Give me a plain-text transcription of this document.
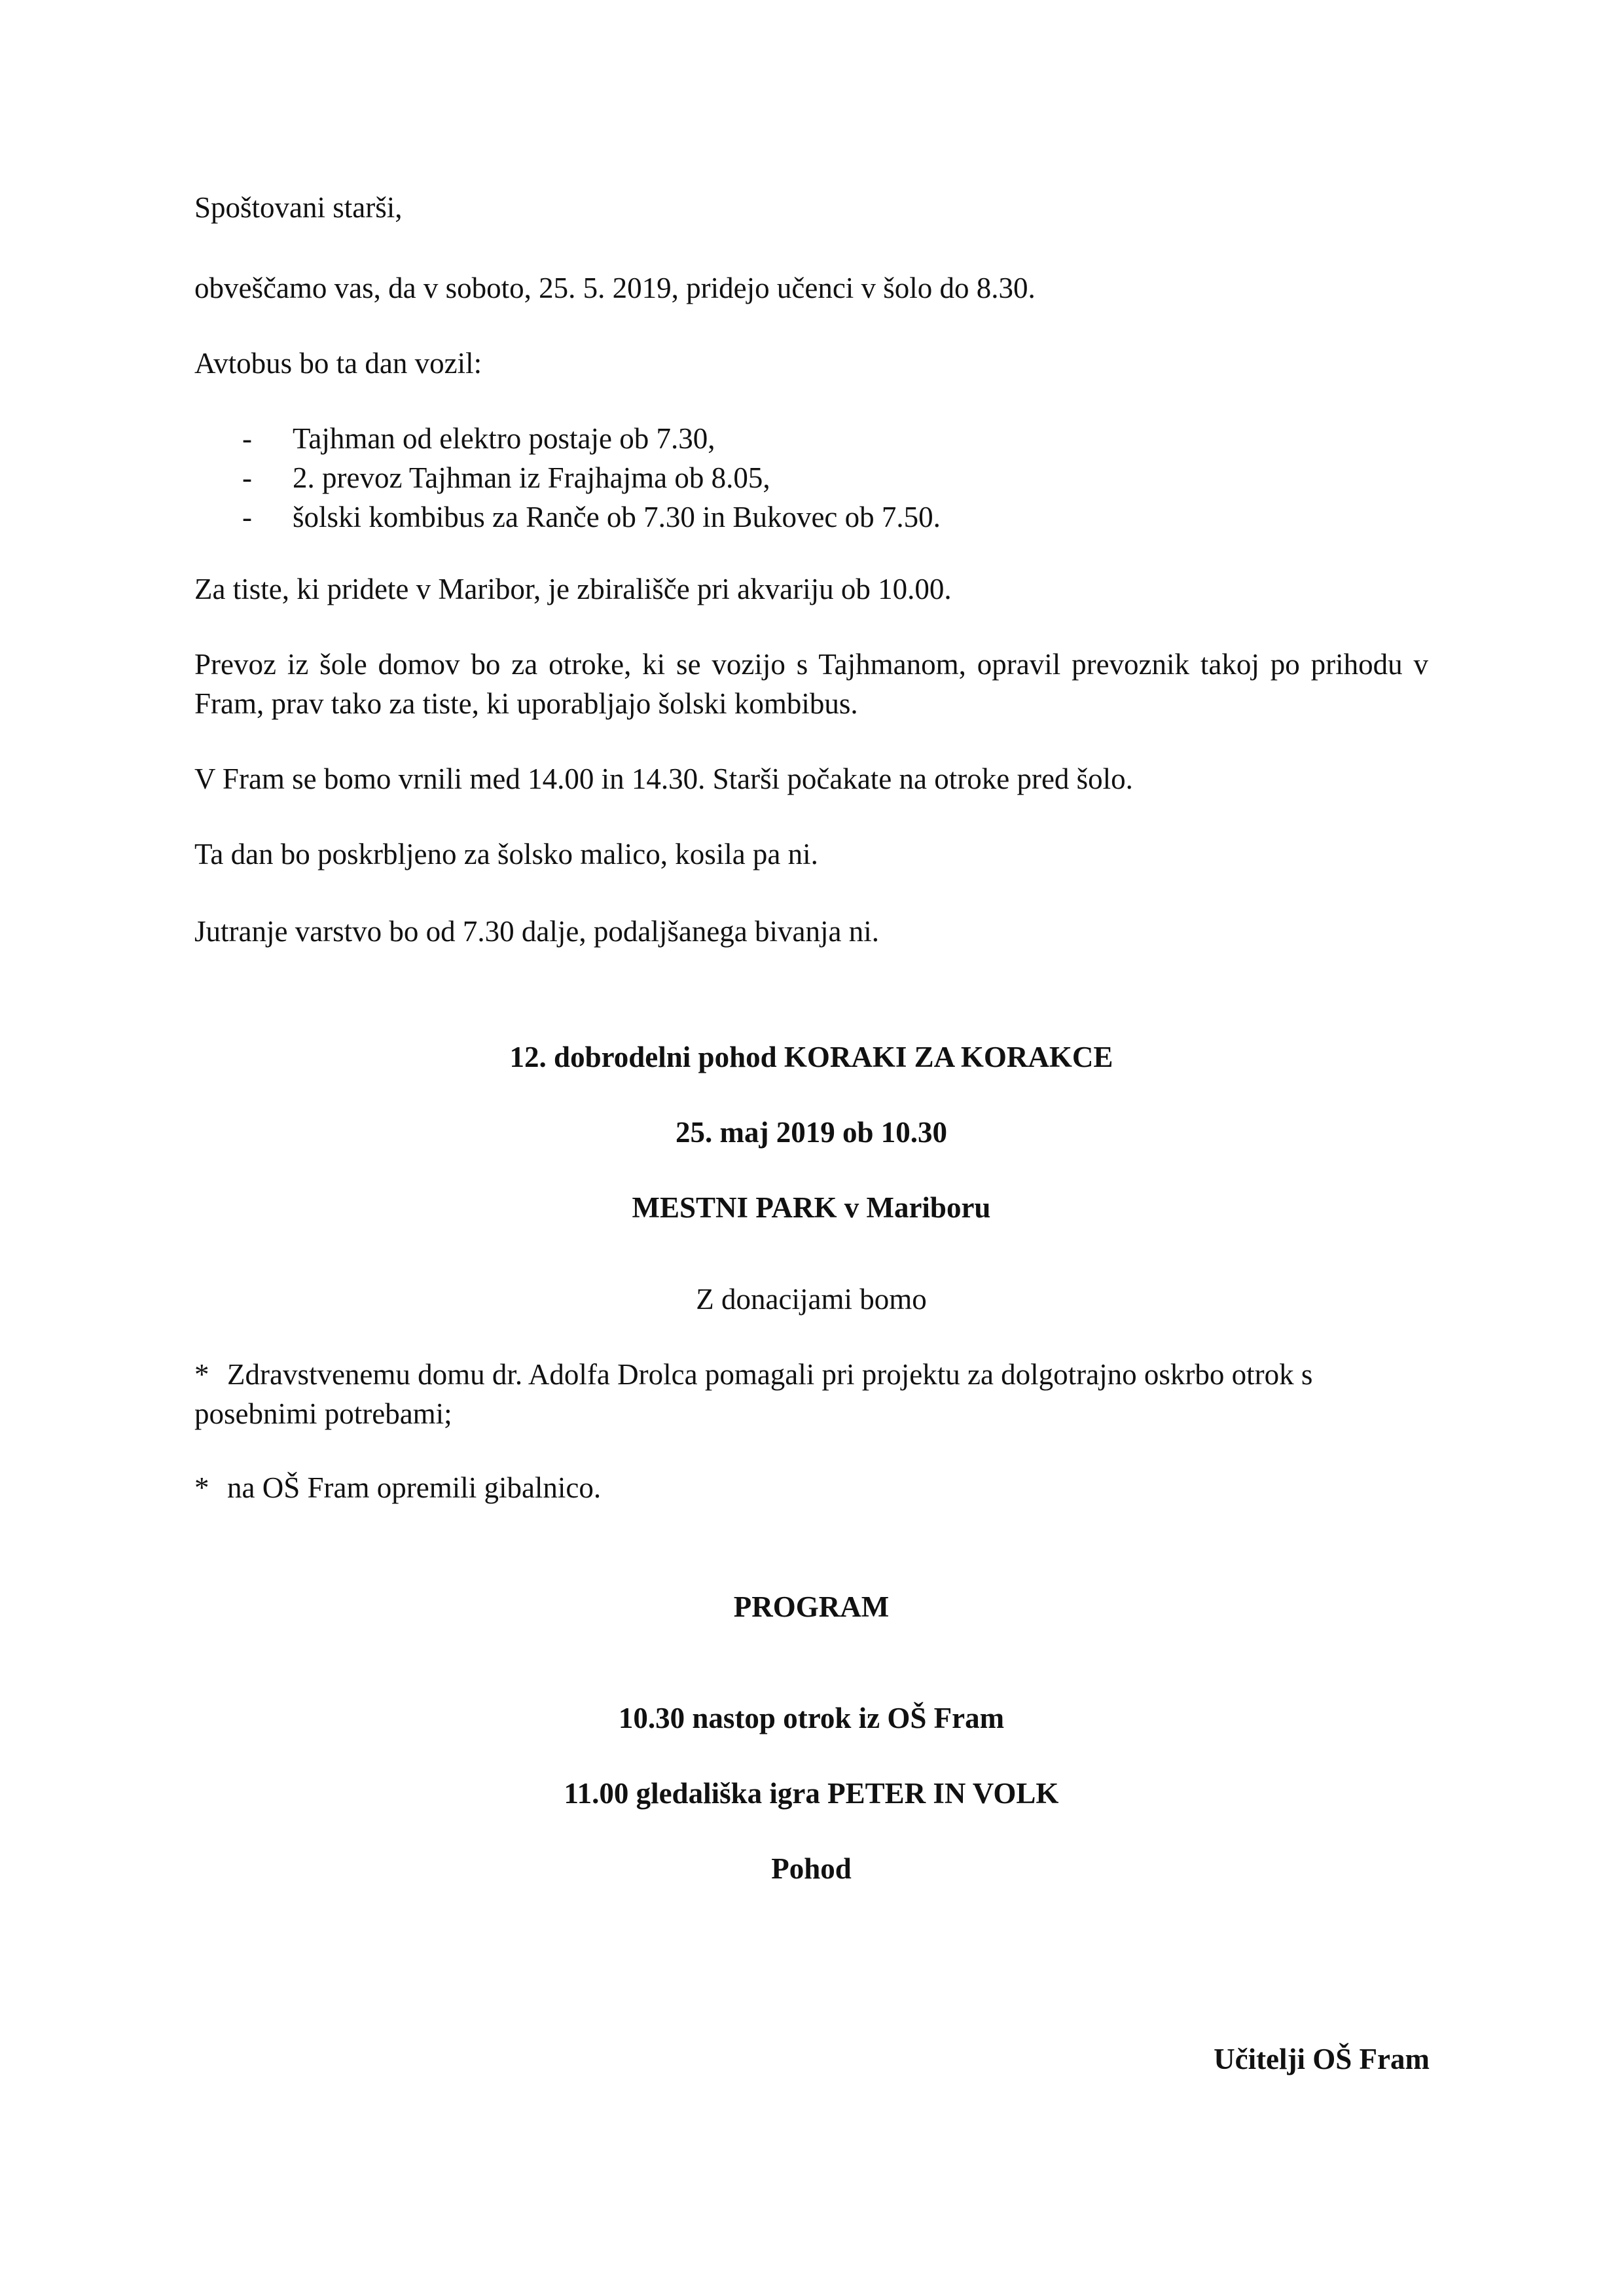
Spoštovani starši,

obveščamo vas, da v soboto, 25. 5. 2019, pridejo učenci v šolo do 8.30.

Avtobus bo ta dan vozil:

- Tajhman od elektro postaje ob 7.30,
- 2. prevoz Tajhman iz Frajhajma ob 8.05,
- šolski kombibus za Ranče ob 7.30 in Bukovec ob 7.50.

Za tiste, ki pridete v Maribor, je zbirališče pri akvariju ob 10.00.

Prevoz iz šole domov bo za otroke, ki se vozijo s Tajhmanom, opravil prevoznik takoj po prihodu v Fram, prav tako za tiste, ki uporabljajo šolski kombibus.

V Fram se bomo vrnili med 14.00 in 14.30. Starši počakate na otroke pred šolo.

Ta dan bo poskrbljeno za šolsko malico, kosila pa ni.

Jutranje varstvo bo od 7.30 dalje, podaljšanega bivanja ni.

12. dobrodelni pohod KORAKI ZA KORAKCE

25. maj 2019 ob 10.30

MESTNI PARK v Mariboru

Z donacijami bomo

* Zdravstvenemu domu dr. Adolfa Drolca pomagali pri projektu za dolgotrajno oskrbo otrok s posebnimi potrebami;

* na OŠ Fram opremili gibalnico.

PROGRAM

10.30 nastop otrok iz OŠ Fram

11.00 gledališka igra PETER IN VOLK

Pohod

Učitelji OŠ Fram
